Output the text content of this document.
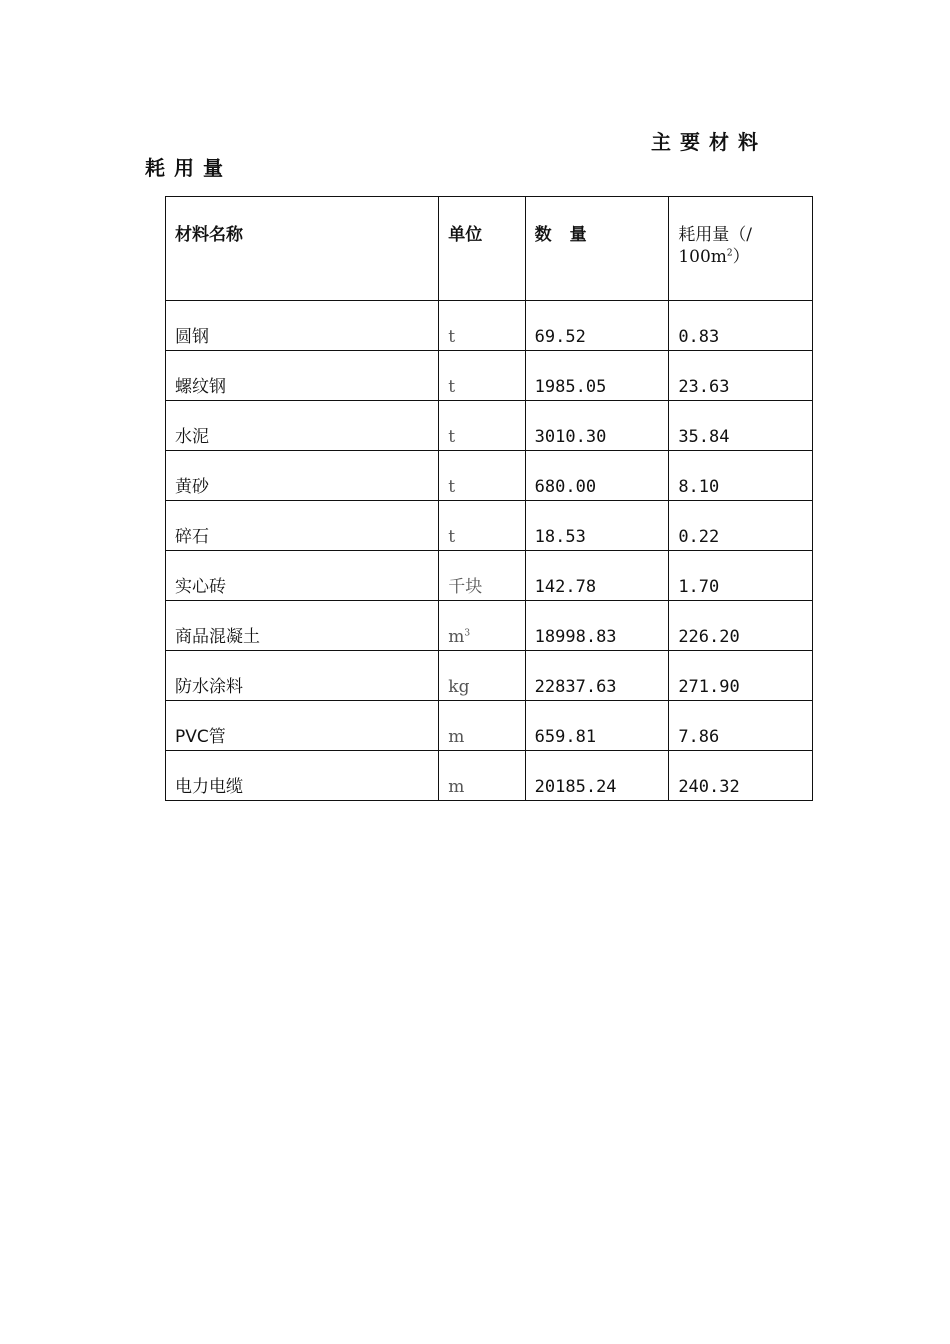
主要材料
耗用量
材料名称	单位	数量	耗用量（/
$100m^2$）
圆钢	t	69.52	0.83
螺纹钢	t	1985.05	23.63
水泥	t	3010.30	35.84
黄砂	t	680.00	8.10
碎石	t	18.53	0.22
实心砖	千块	142.78	1.70
商品混凝土	$m^3$	18998.83	226.20
防水涂料	kg	22837.63	271.90
PVC管	m	659.81	7.86
电力电缆	m	20185.24	240.32
